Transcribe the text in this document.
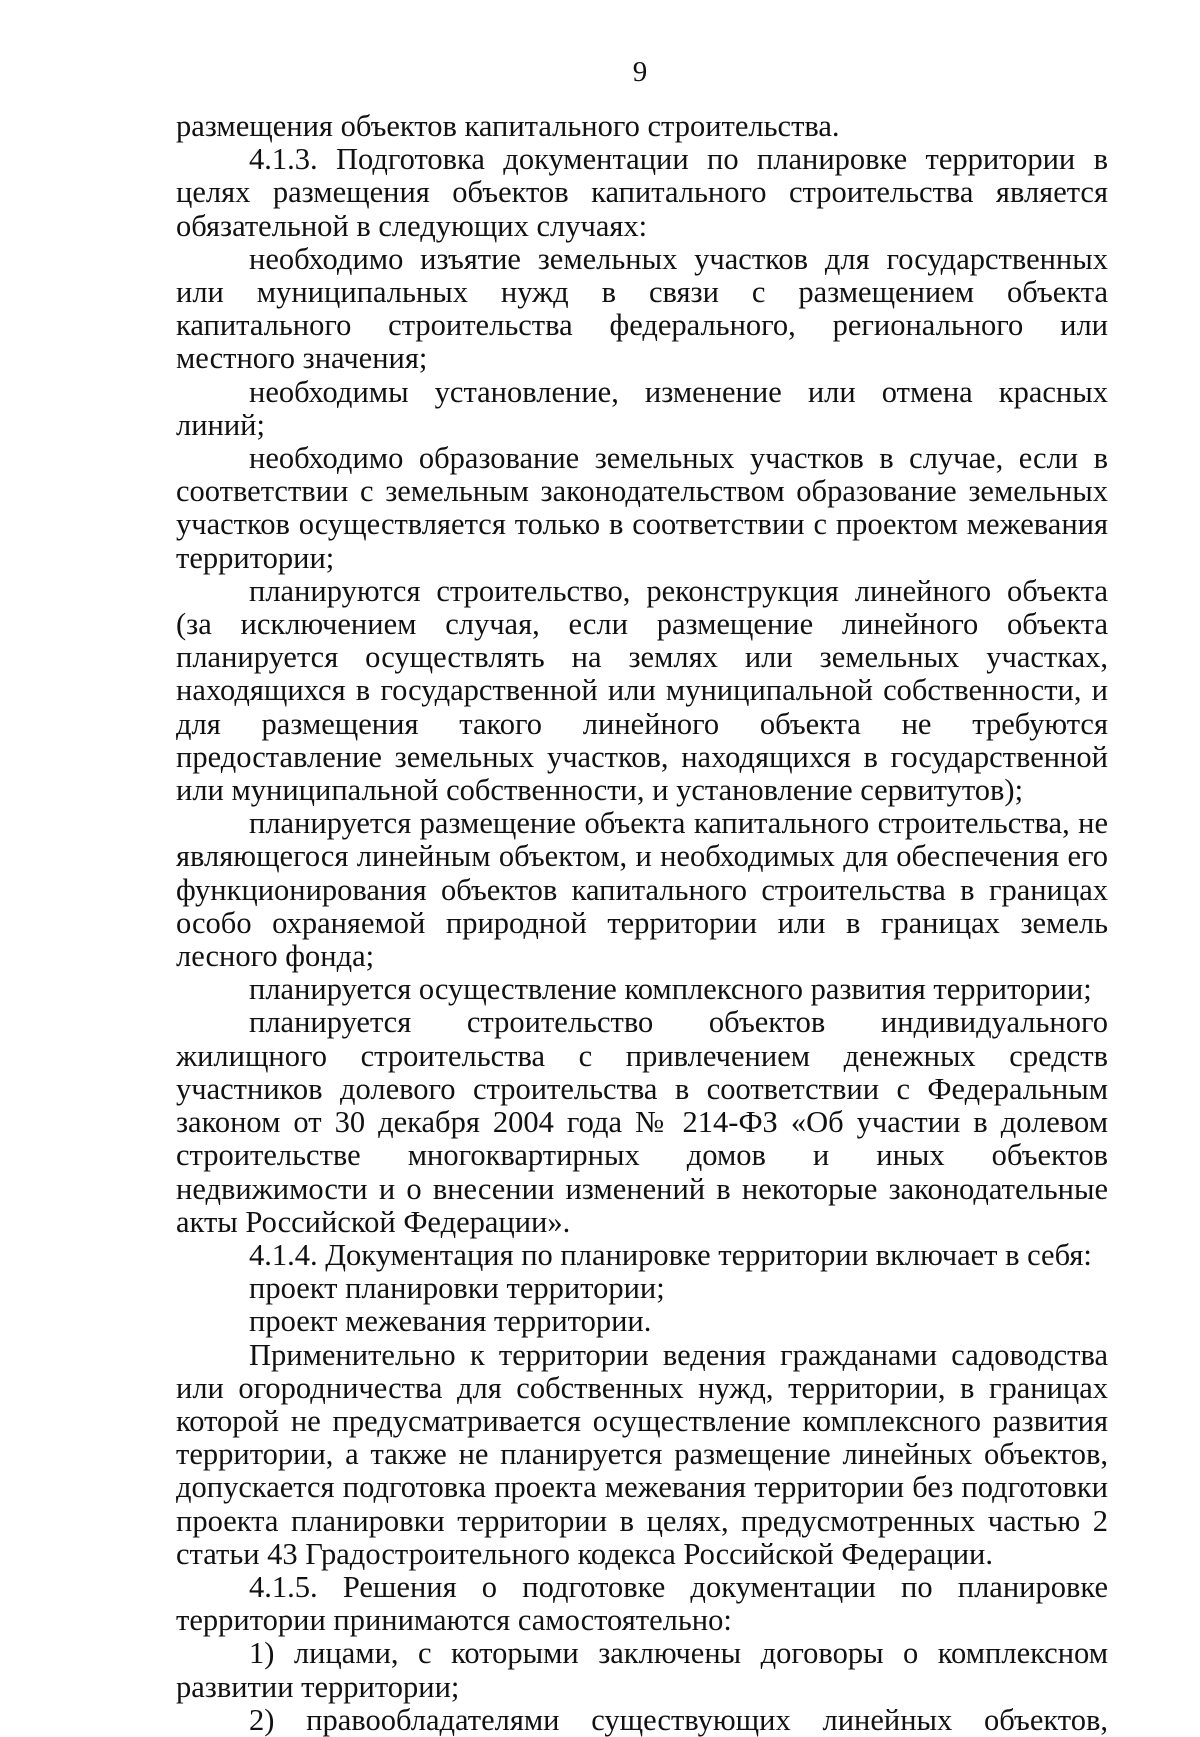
9

размещения объектов капитального строительства.

4.1.3. Подготовка документации по планировке территории в целях размещения объектов капитального строительства является обязательной в следующих случаях:

необходимо изъятие земельных участков для государственных или муниципальных нужд в связи с размещением объекта капитального строительства федерального, регионального или местного значения;

необходимы установление, изменение или отмена красных линий;

необходимо образование земельных участков в случае, если в соответствии с земельным законодательством образование земельных участков осуществляется только в соответствии с проектом межевания территории;

планируются строительство, реконструкция линейного объекта (за исключением случая, если размещение линейного объекта планируется осуществлять на землях или земельных участках, находящихся в государственной или муниципальной собственности, и для размещения такого линейного объекта не требуются предоставление земельных участков, находящихся в государственной или муниципальной собственности, и установление сервитутов);

планируется размещение объекта капитального строительства, не являющегося линейным объектом, и необходимых для обеспечения его функционирования объектов капитального строительства в границах особо охраняемой природной территории или в границах земель лесного фонда;

планируется осуществление комплексного развития территории;

планируется строительство объектов индивидуального жилищного строительства с привлечением денежных средств участников долевого строительства в соответствии с Федеральным законом от 30 декабря 2004 года № 214-ФЗ «Об участии в долевом строительстве многоквартирных домов и иных объектов недвижимости и о внесении изменений в некоторые законодательные акты Российской Федерации».

4.1.4. Документация по планировке территории включает в себя:

проект планировки территории;

проект межевания территории.

Применительно к территории ведения гражданами садоводства или огородничества для собственных нужд, территории, в границах которой не предусматривается осуществление комплексного развития территории, а также не планируется размещение линейных объектов, допускается подготовка проекта межевания территории без подготовки проекта планировки территории в целях, предусмотренных частью 2 статьи 43 Градостроительного кодекса Российской Федерации.

4.1.5. Решения о подготовке документации по планировке территории принимаются самостоятельно:

1) лицами, с которыми заключены договоры о комплексном развитии территории;

2) правообладателями существующих линейных объектов,
